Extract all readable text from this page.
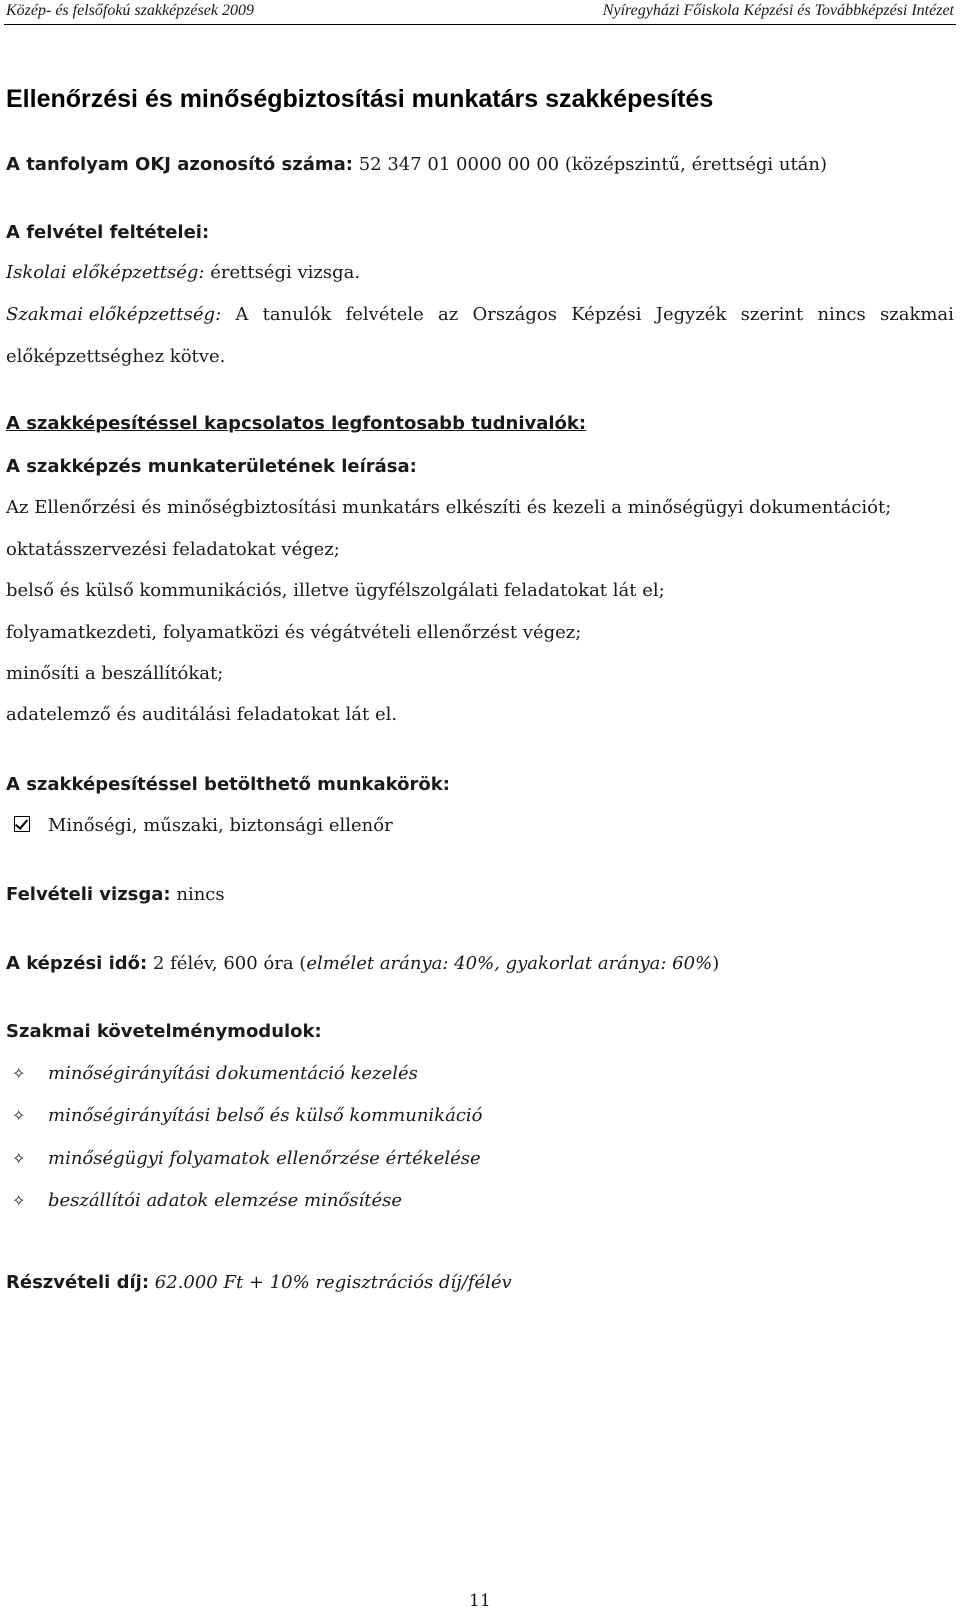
Közép- és felsőfokú szakképzések 2009	Nyíregyházi Főiskola Képzési és Továbbképzési Intézet
Ellenőrzési és minőségbiztosítási munkatárs szakképesítés
A tanfolyam OKJ azonosító száma: 52 347 01 0000 00 00 (középszintű, érettségi után)
A felvétel feltételei:
Iskolai előképzettség: érettségi vizsga.
Szakmai előképzettség: A tanulók felvétele az Országos Képzési Jegyzék szerint nincs szakmai
előképzettséghez kötve.
A szakképesítéssel kapcsolatos legfontosabb tudnivalók:
A szakképzés munkaterületének leírása:
Az Ellenőrzési és minőségbiztosítási munkatárs elkészíti és kezeli a minőségügyi dokumentációt;
oktatásszervezési feladatokat végez;
belső és külső kommunikációs, illetve ügyfélszolgálati feladatokat lát el;
folyamatkezdeti, folyamatközi és végátvételi ellenőrzést végez;
minősíti a beszállítókat;
adatelemző és auditálási feladatokat lát el.
A szakképesítéssel betölthető munkakörök:
Minőségi, műszaki, biztonsági ellenőr
Felvételi vizsga: nincs
A képzési idő: 2 félév, 600 óra (elmélet aránya: 40%, gyakorlat aránya: 60%)
Szakmai követelménymodulok:
✧ minőségirányítási dokumentáció kezelés
✧ minőségirányítási belső és külső kommunikáció
✧ minőségügyi folyamatok ellenőrzése értékelése
✧ beszállítói adatok elemzése minősítése
Részvételi díj: 62.000 Ft + 10% regisztrációs díj/félév
11
